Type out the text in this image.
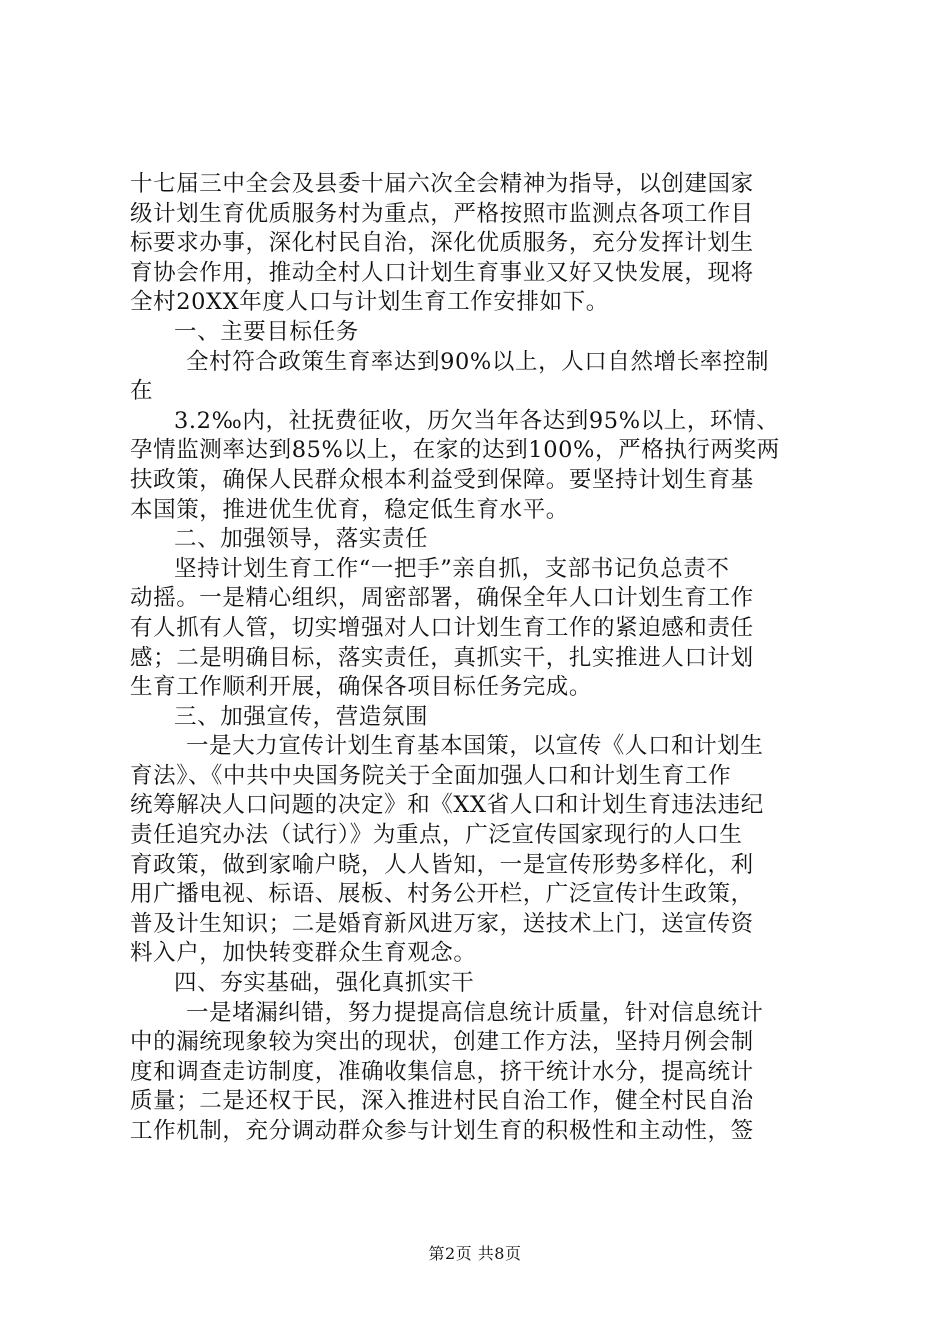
十七届三中全会及县委十届六次全会精神为指导，以创建国家
级计划生育优质服务村为重点，严格按照市监测点各项工作目
标要求办事，深化村民自治，深化优质服务，充分发挥计划生
育协会作用，推动全村人口计划生育事业又好又快发展，现将
全村20XX年度人口与计划生育工作安排如下。
一、主要目标任务
全村符合政策生育率达到90%以上，人口自然增长率控制
在
3.2‰内，社抚费征收，历欠当年各达到95%以上，环情、
孕情监测率达到85%以上，在家的达到100%，严格执行两奖两
扶政策，确保人民群众根本利益受到保障。要坚持计划生育基
本国策，推进优生优育，稳定低生育水平。
二、加强领导，落实责任
坚持计划生育工作“一把手”亲自抓，支部书记负总责不
动摇。一是精心组织，周密部署，确保全年人口计划生育工作
有人抓有人管，切实增强对人口计划生育工作的紧迫感和责任
感；二是明确目标，落实责任，真抓实干，扎实推进人口计划
生育工作顺利开展，确保各项目标任务完成。
三、加强宣传，营造氛围
一是大力宣传计划生育基本国策，以宣传《人口和计划生
育法》、《中共中央国务院关于全面加强人口和计划生育工作
统筹解决人口问题的决定》和《XX省人口和计划生育违法违纪
责任追究办法（试行）》为重点，广泛宣传国家现行的人口生
育政策，做到家喻户晓，人人皆知，一是宣传形势多样化，利
用广播电视、标语、展板、村务公开栏，广泛宣传计生政策，
普及计生知识；二是婚育新风进万家，送技术上门，送宣传资
料入户，加快转变群众生育观念。
四、夯实基础，强化真抓实干
一是堵漏纠错，努力提提高信息统计质量，针对信息统计
中的漏统现象较为突出的现状，创建工作方法，坚持月例会制
度和调查走访制度，准确收集信息，挤干统计水分，提高统计
质量；二是还权于民，深入推进村民自治工作，健全村民自治
工作机制，充分调动群众参与计划生育的积极性和主动性，签
第2页 共8页
